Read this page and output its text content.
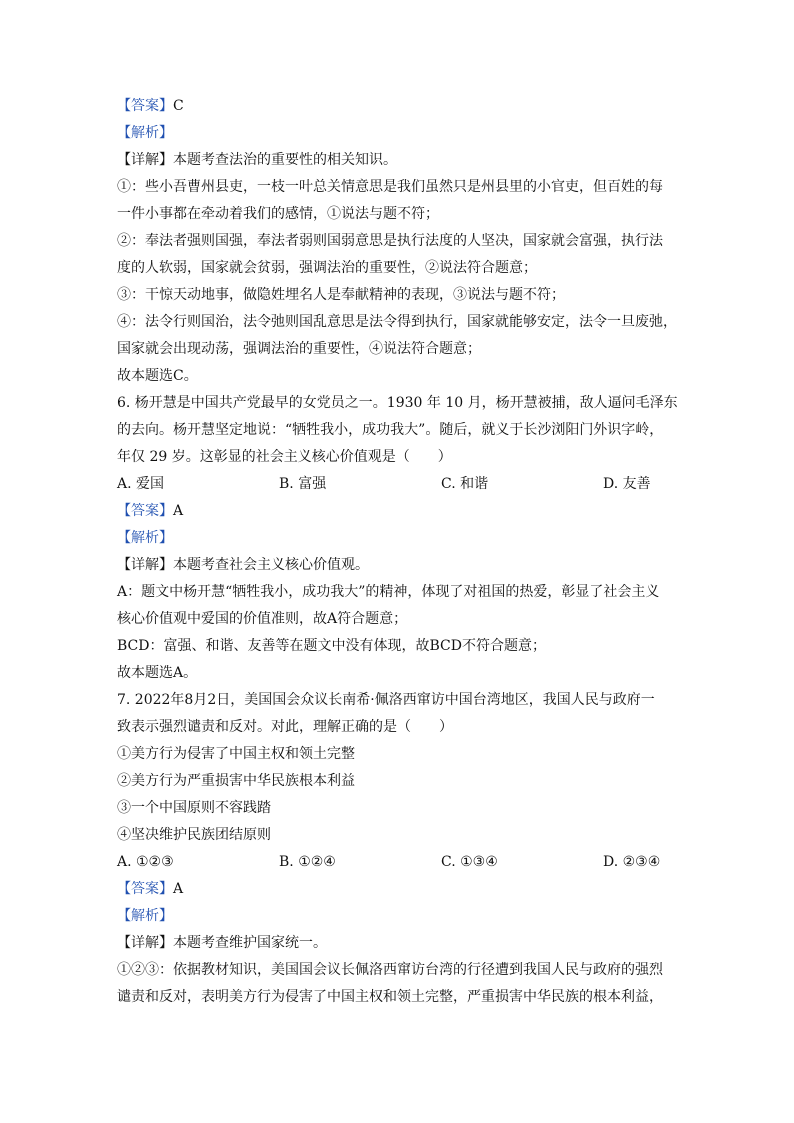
【答案】C
【解析】
【详解】本题考查法治的重要性的相关知识。
①：些小吾曹州县吏，一枝一叶总关情意思是我们虽然只是州县里的小官吏，但百姓的每
一件小事都在牵动着我们的感情，①说法与题不符；
②：奉法者强则国强，奉法者弱则国弱意思是执行法度的人坚决，国家就会富强，执行法
度的人软弱，国家就会贫弱，强调法治的重要性，②说法符合题意；
③：干惊天动地事，做隐姓埋名人是奉献精神的表现，③说法与题不符；
④：法令行则国治，法令弛则国乱意思是法令得到执行，国家就能够安定，法令一旦废弛，
国家就会出现动荡，强调法治的重要性，④说法符合题意；
故本题选C。
6. 杨开慧是中国共产党最早的女党员之一。1930 年 10 月，杨开慧被捕，敌人逼问毛泽东
的去向。杨开慧坚定地说：“牺牲我小，成功我大”。随后，就义于长沙浏阳门外识字岭，
年仅 29 岁。这彰显的社会主义核心价值观是（　　）
A. 爱国	B. 富强	C. 和谐	D. 友善
【答案】A
【解析】
【详解】本题考查社会主义核心价值观。
A：题文中杨开慧“牺牲我小，成功我大”的精神，体现了对祖国的热爱，彰显了社会主义
核心价值观中爱国的价值准则，故A符合题意；
BCD：富强、和谐、友善等在题文中没有体现，故BCD不符合题意；
故本题选A。
7. 2022年8月2日，美国国会众议长南希·佩洛西窜访中国台湾地区，我国人民与政府一
致表示强烈谴责和反对。对此，理解正确的是（　　）
①美方行为侵害了中国主权和领土完整
②美方行为严重损害中华民族根本利益
③一个中国原则不容践踏
④坚决维护民族团结原则
A. ①②③	B. ①②④	C. ①③④	D. ②③④
【答案】A
【解析】
【详解】本题考查维护国家统一。
①②③：依据教材知识，美国国会议长佩洛西窜访台湾的行径遭到我国人民与政府的强烈
谴责和反对，表明美方行为侵害了中国主权和领土完整，严重损害中华民族的根本利益，
